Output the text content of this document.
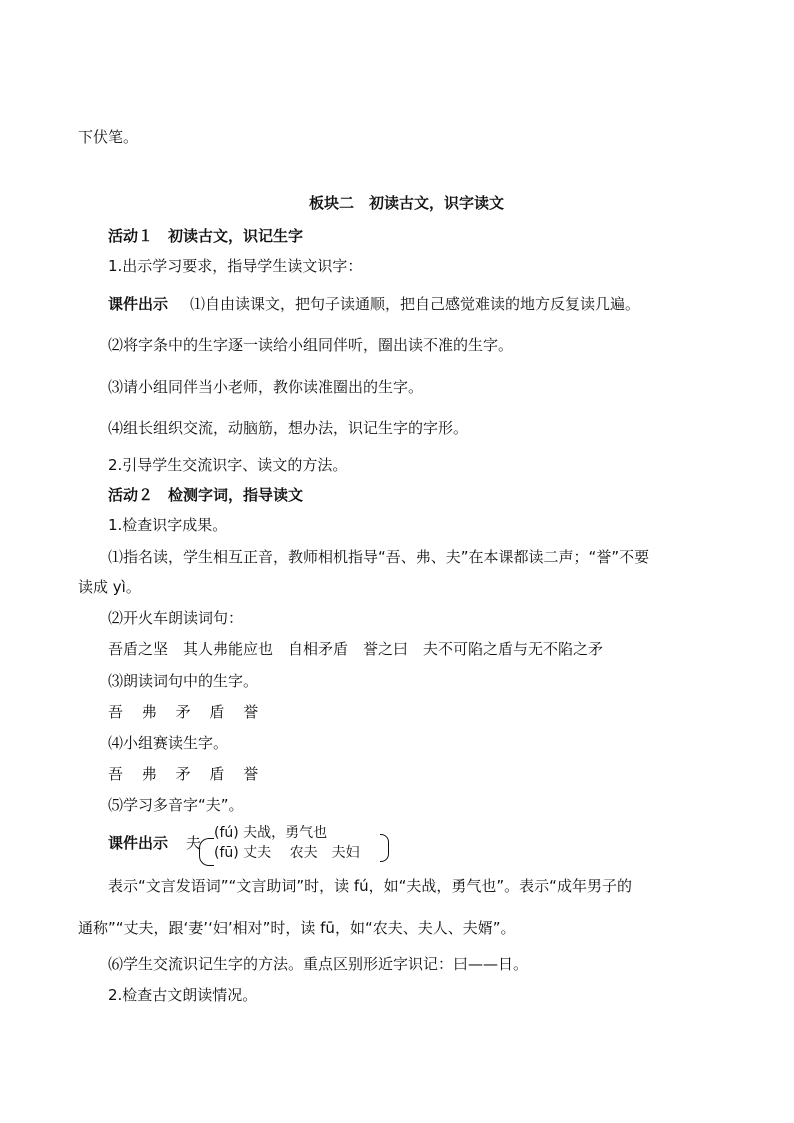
下伏笔。
板块二　初读古文，识字读文
活动１　初读古文，识记生字
1.出示学习要求，指导学生读文识字：
课件出示 ⑴自由读课文，把句子读通顺，把自己感觉难读的地方反复读几遍。
⑵将字条中的生字逐一读给小组同伴听，圈出读不准的生字。
⑶请小组同伴当小老师，教你读准圈出的生字。
⑷组长组织交流，动脑筋，想办法，识记生字的字形。
2.引导学生交流识字、读文的方法。
活动２　检测字词，指导读文
1.检查识字成果。
⑴指名读，学生相互正音，教师相机指导“吾、弗、夫”在本课都读二声；“誉”不要
读成 yì。
⑵开火车朗读词句：
吾盾之坚　其人弗能应也　自相矛盾　誉之曰　夫不可陷之盾与无不陷之矛
⑶朗读词句中的生字。
吾 弗 矛 盾 誉
⑷小组赛读生字。
吾 弗 矛 盾 誉
⑸学习多音字“夫”。
课件出示 夫
(fú) 夫战，勇气也
(fū) 丈夫　 农夫　夫妇
表示“文言发语词”“文言助词”时，读 fú，如“夫战，勇气也”。表示“成年男子的
通称”“丈夫，跟‘妻’‘妇’相对”时，读 fū，如“农夫、夫人、夫婿”。
⑹学生交流识记生字的方法。重点区别形近字识记：曰——日。
2.检查古文朗读情况。
